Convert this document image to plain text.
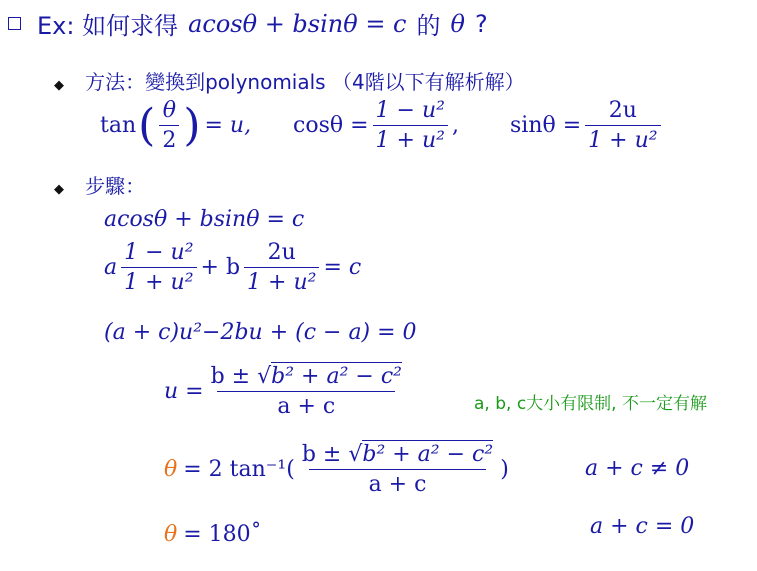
Ex: 如何求得 acosθ + bsinθ = c 的 θ ?
◆ 方法：變換到polynomials （4階以下有解析解）
tan ( $\frac{\theta}{2}$ ) = u, $\cos\theta = \frac{\text{1 − u²}}{\text{1 + u²}}$ , $\sin\theta = \frac{2u}{\text{1 + u²}}$
◆ 步驟：
acosθ + bsinθ = c
a $\frac{\text{1 − u²}}{\text{1 + u²}} + b \frac{2u}{\text{1 + u²}} = c$
(a + c)u²−2bu + (c − a) = 0
$u = \frac{\text{b ± √b² + a² − c²}}{a + c}$	a, b, c大小有限制, 不一定有解
θ = 2 $\tan^{-1}( \frac{\text{b ± √b² + a² − c²}}{a + c}$ )	a + c ≠ 0
θ = 180˚	a + c = 0
